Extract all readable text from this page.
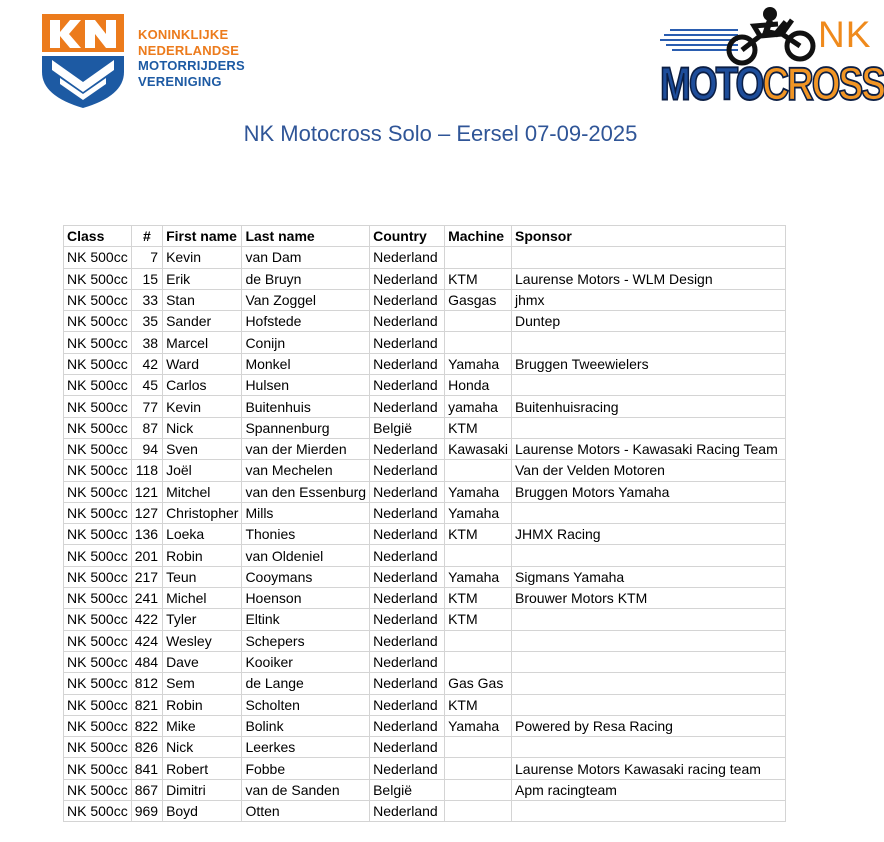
KONINKLIJKE
NEDERLANDSE
MOTORRIJDERS
VERENIGING
NK
MOTOCROSS
NK Motocross Solo – Eersel 07-09-2025
Class	#	First name	Last name	Country	Machine	Sponsor
NK 500cc	7	Kevin	van Dam	Nederland		
NK 500cc	15	Erik	de Bruyn	Nederland	KTM	Laurense Motors - WLM Design
NK 500cc	33	Stan	Van Zoggel	Nederland	Gasgas	jhmx
NK 500cc	35	Sander	Hofstede	Nederland		Duntep
NK 500cc	38	Marcel	Conijn	Nederland		
NK 500cc	42	Ward	Monkel	Nederland	Yamaha	Bruggen Tweewielers
NK 500cc	45	Carlos	Hulsen	Nederland	Honda	
NK 500cc	77	Kevin	Buitenhuis	Nederland	yamaha	Buitenhuisracing
NK 500cc	87	Nick	Spannenburg	België	KTM	
NK 500cc	94	Sven	van der Mierden	Nederland	Kawasaki	Laurense Motors - Kawasaki Racing Team
NK 500cc	118	Joël	van Mechelen	Nederland		Van der Velden Motoren
NK 500cc	121	Mitchel	van den Essenburg	Nederland	Yamaha	Bruggen Motors Yamaha
NK 500cc	127	Christopher	Mills	Nederland	Yamaha	
NK 500cc	136	Loeka	Thonies	Nederland	KTM	JHMX Racing
NK 500cc	201	Robin	van Oldeniel	Nederland		
NK 500cc	217	Teun	Cooymans	Nederland	Yamaha	Sigmans Yamaha
NK 500cc	241	Michel	Hoenson	Nederland	KTM	Brouwer Motors KTM
NK 500cc	422	Tyler	Eltink	Nederland	KTM	
NK 500cc	424	Wesley	Schepers	Nederland		
NK 500cc	484	Dave	Kooiker	Nederland		
NK 500cc	812	Sem	de Lange	Nederland	Gas Gas	
NK 500cc	821	Robin	Scholten	Nederland	KTM	
NK 500cc	822	Mike	Bolink	Nederland	Yamaha	Powered by Resa Racing
NK 500cc	826	Nick	Leerkes	Nederland		
NK 500cc	841	Robert	Fobbe	Nederland		Laurense Motors Kawasaki racing team
NK 500cc	867	Dimitri	van de Sanden	België		Apm racingteam
NK 500cc	969	Boyd	Otten	Nederland		
